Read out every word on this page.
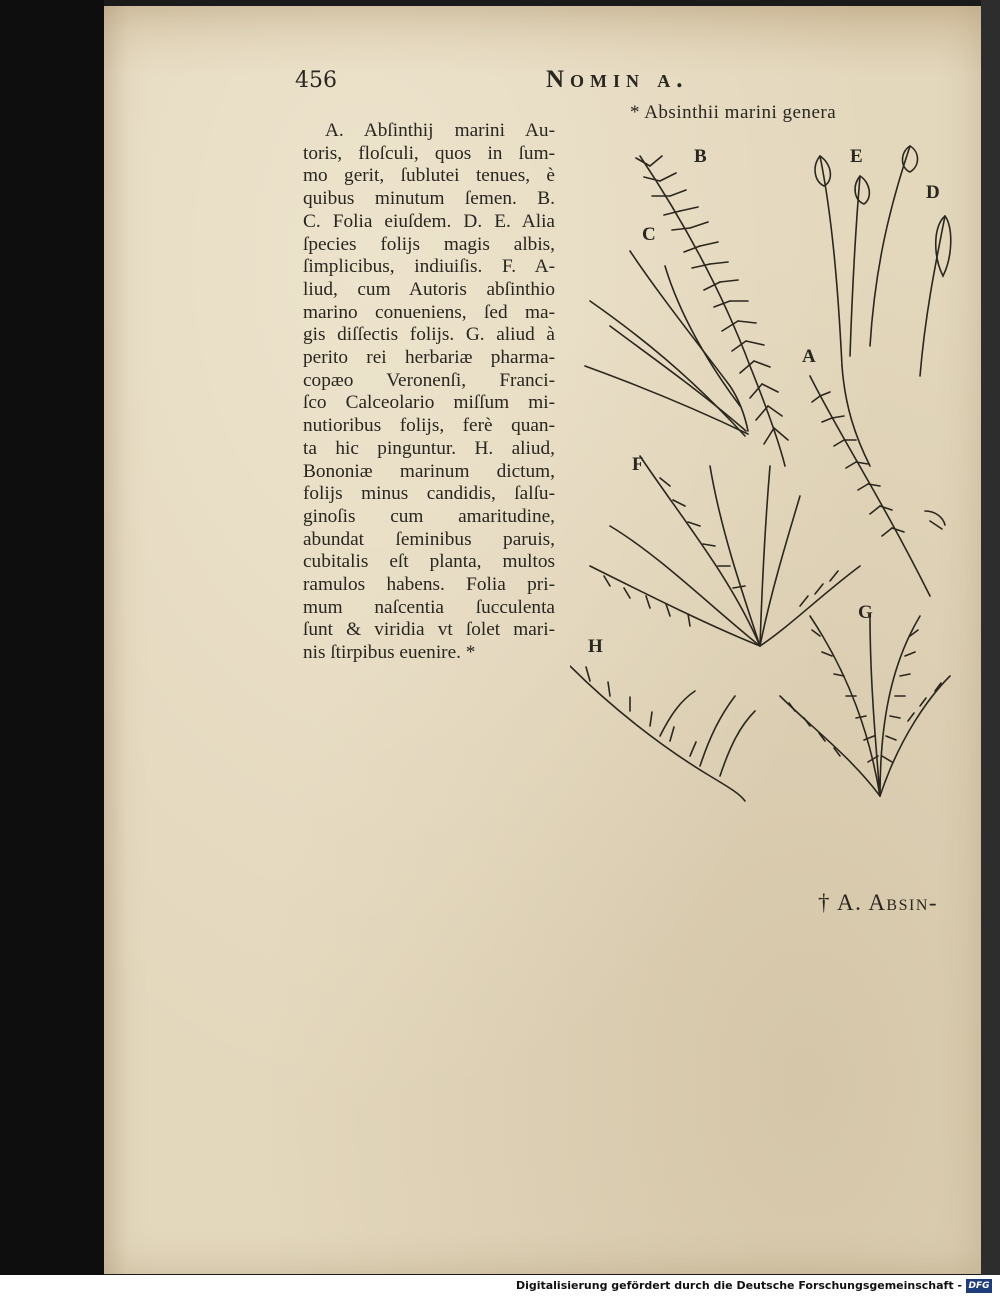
456	Nomin a.
* Absinthii marini genera
A. Abſinthij marini Au-
toris, floſculi, quos in ſum-
mo gerit, ſublutei tenues, è
quibus minutum ſemen. B.
C. Folia eiuſdem. D. E. Alia
ſpecies folijs magis albis,
ſimplicibus, indiuiſis. F. A-
liud, cum Autoris abſinthio
marino conueniens, ſed ma-
gis diſſectis folijs. G. aliud à
perito rei herbariæ pharma-
copæo Veronenſi, Franci-
ſco Calceolario miſſum mi-
nutioribus folijs, ferè quan-
ta hic pinguntur. H. aliud,
Bononiæ marinum dictum,
folijs minus candidis, ſalſu-
ginoſis cum amaritudine,
abundat ſeminibus paruis,
cubitalis eſt planta, multos
ramulos habens. Folia pri-
mum naſcentia ſucculenta
ſunt & viridia vt ſolet mari-
nis ſtirpibus euenire. *
A
B
C
D
E
F
G
H
† A. Absin-
Digitalisierung gefördert durch die Deutsche Forschungsgemeinschaft - DFG
